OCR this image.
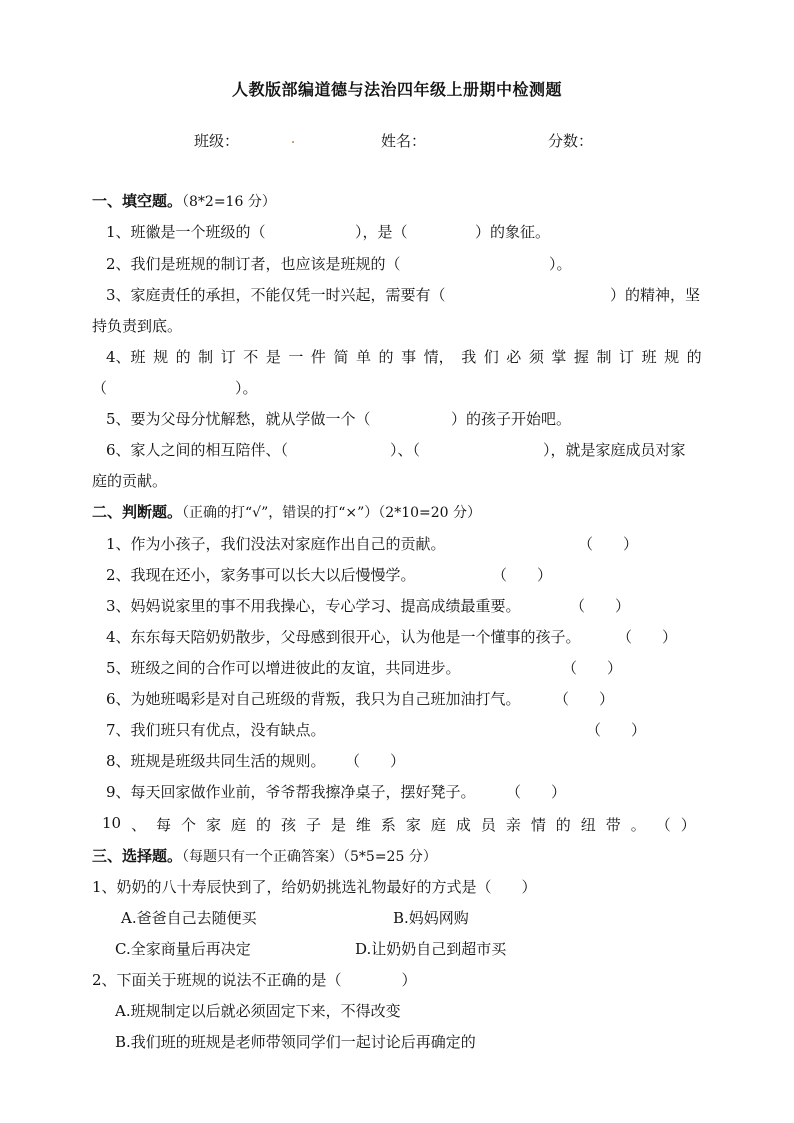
人教版部编道德与法治四年级上册期中检测题
班级：	姓名：	分数：
一、填空题。（8*2=16 分）
1、班徽是一个班级的（	），是（	）的象征。
2、我们是班规的制订者，也应该是班规的（	）。
3、家庭责任的承担，不能仅凭一时兴起，需要有（	）的精神，坚
持负责到底。
4、班 规 的 制 订 不 是 一 件 简 单 的 事 情， 我 们 必 须 掌 握 制 订 班 规 的
（	）。
5、要为父母分忧解愁，就从学做一个（	）的孩子开始吧。
6、家人之间的相互陪伴、（	）、（	），就是家庭成员对家
庭的贡献。
二、判断题。（正确的打“√”，错误的打“×”）（2*10=20 分）
1、作为小孩子，我们没法对家庭作出自己的贡献。	（　　）
2、我现在还小，家务事可以长大以后慢慢学。	（　　）
3、妈妈说家里的事不用我操心，专心学习、提高成绩最重要。	（　　）
4、东东每天陪奶奶散步，父母感到很开心，认为他是一个懂事的孩子。 （　　）
5、班级之间的合作可以增进彼此的友谊，共同进步。	（　　）
6、为她班喝彩是对自己班级的背叛，我只为自己班加油打气。 （　　）
7、我们班只有优点，没有缺点。	（　　）
8、班规是班级共同生活的规则。 （　　）
9、每天回家做作业前，爷爷帮我擦净桌子，摆好凳子。 （　　）
10 、 每 个 家 庭 的 孩 子 是 维 系 家 庭 成 员 亲 情 的 纽 带 。 （ ）
三、选择题。（每题只有一个正确答案）（5*5=25 分）
1、奶奶的八十寿辰快到了，给奶奶挑选礼物最好的方式是（　　）
A.爸爸自己去随便买	B.妈妈网购
C.全家商量后再决定	D.让奶奶自己到超市买
2、下面关于班规的说法不正确的是（　　　　）
A.班规制定以后就必须固定下来，不得改变
B.我们班的班规是老师带领同学们一起讨论后再确定的
